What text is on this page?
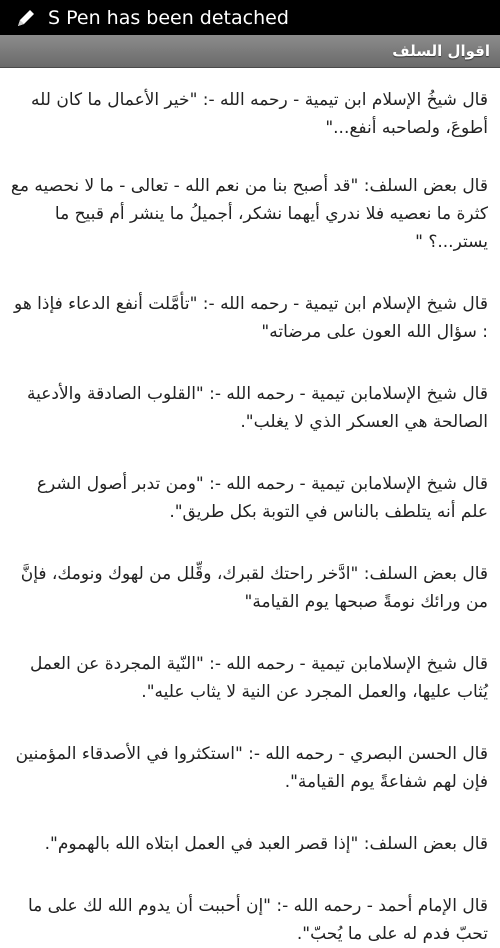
S Pen has been detached
اقوال السلف

قال شيخُ الإسلام ابن تيمية - رحمه الله -: "خير الأعمال ما كان لله أطوعَ، ولصاحبه أنفع..."

قال بعض السلف: "قد أصبح بنا من نعم الله - تعالى - ما لا نحصيه مع كثرة ما نعصيه فلا ندري أيهما نشكر، أجميلُ ما ينشر أم قبيح ما يستر...؟ "

قال شيخ الإسلام ابن تيمية - رحمه الله -: "تأمَّلت أنفع الدعاء فإذا هو : سؤال الله العون على مرضاته"

قال شيخ الإسلامابن تيمية - رحمه الله -: "القلوب الصادقة والأدعية الصالحة هي العسكر الذي لا يغلب".

قال شيخ الإسلامابن تيمية - رحمه الله -: "ومن تدبر أصول الشرع علم أنه يتلطف بالناس في التوبة بكل طريق".

قال بعض السلف: "ادَّخر راحتك لقبرك، وقِّلل من لهوك ونومك، فإنَّ من ورائك نومةً صبحها يوم القيامة"

قال شيخ الإسلامابن تيمية - رحمه الله -: "النّية المجردة عن العمل يُثاب عليها، والعمل المجرد عن النية لا يثاب عليه".

قال الحسن البصري - رحمه الله -: "استكثروا في الأصدقاء المؤمنين فإن لهم شفاعةً يوم القيامة".

قال بعض السلف: "إذا قصر العبد في العمل ابتلاه الله بالهموم".

قال الإمام أحمد - رحمه الله -: "إن أحببت أن يدوم الله لك على ما تحبّ فدم له على ما يُحبّ".
